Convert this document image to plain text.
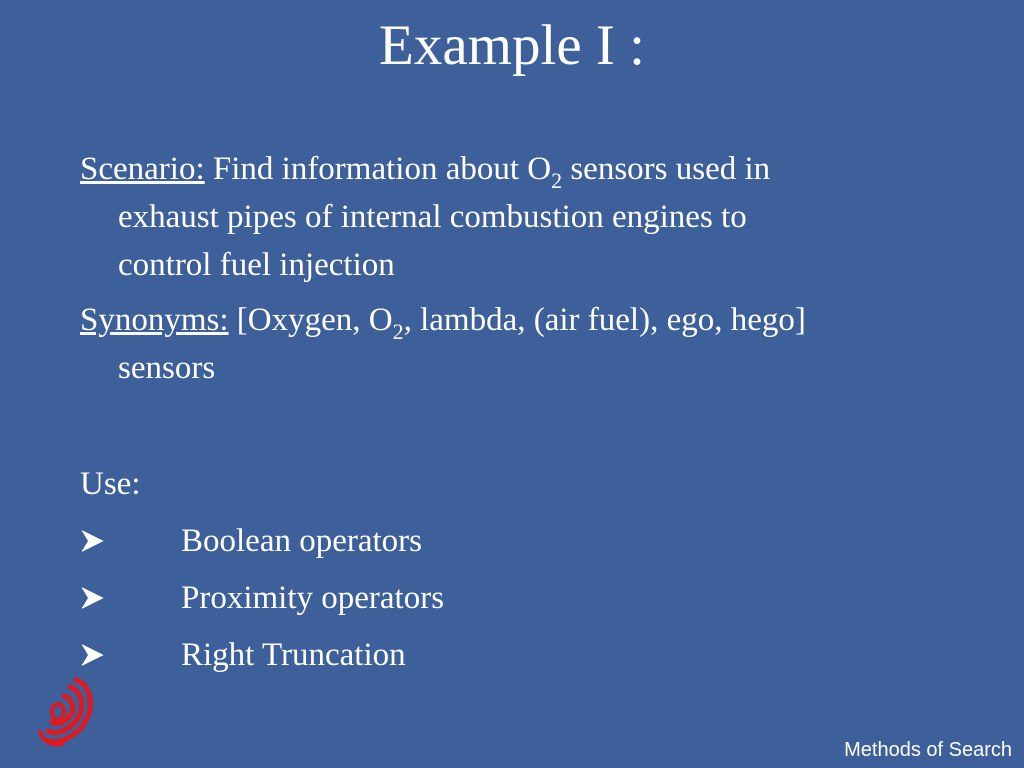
Example I :
Scenario: Find information about $O_2$ sensors used in
exhaust pipes of internal combustion engines to
control fuel injection
Synonyms: [Oxygen, $O_2$, lambda, (air fuel), ego, hego]
sensors
Use:
Boolean operators
Proximity operators
Right Truncation
Methods of Search
